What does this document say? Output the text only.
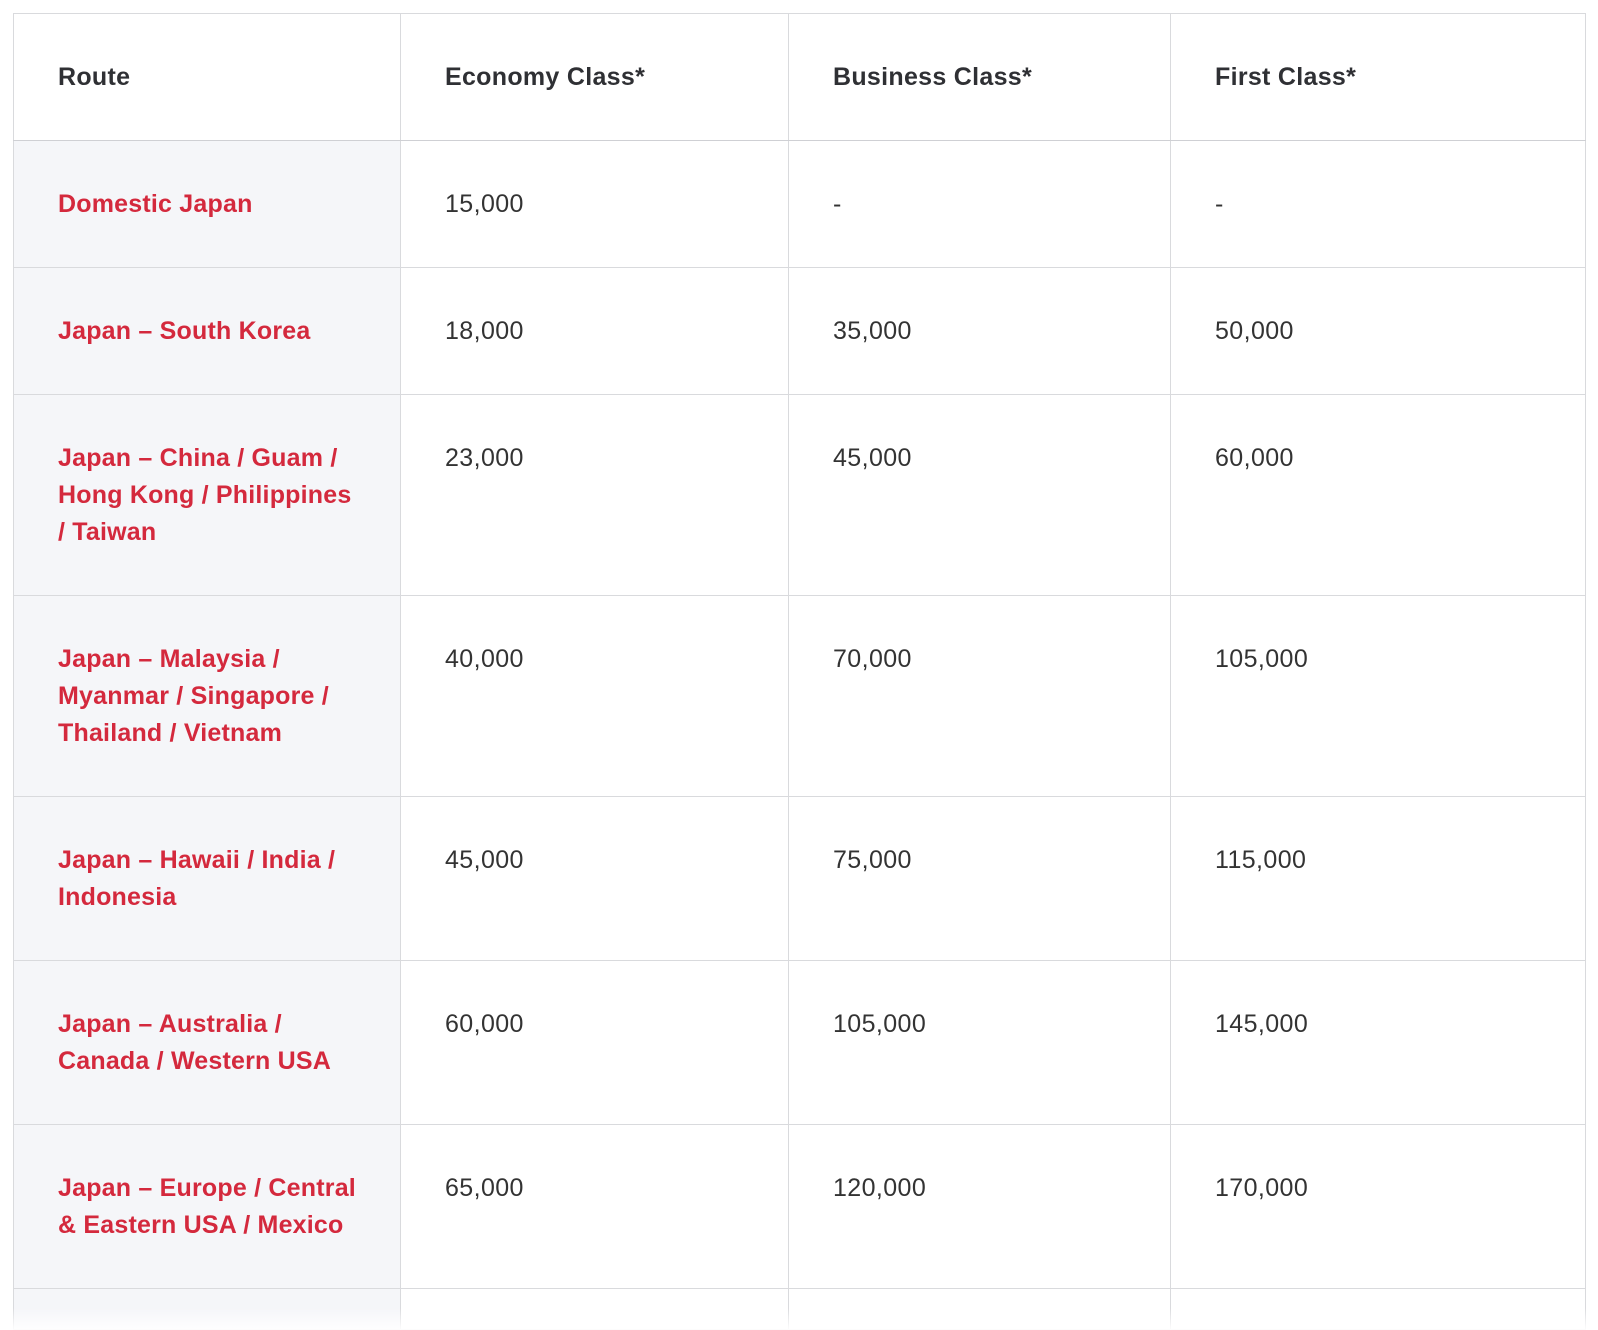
Route	Economy Class*	Business Class*	First Class*
Domestic Japan	15,000	-	-
Japan – South Korea	18,000	35,000	50,000
Japan – China / Guam / Hong Kong / Philippines / Taiwan	23,000	45,000	60,000
Japan – Malaysia / Myanmar / Singapore / Thailand / Vietnam	40,000	70,000	105,000
Japan – Hawaii / India / Indonesia	45,000	75,000	115,000
Japan – Australia / Canada / Western USA	60,000	105,000	145,000
Japan – Europe / Central & Eastern USA / Mexico	65,000	120,000	170,000
